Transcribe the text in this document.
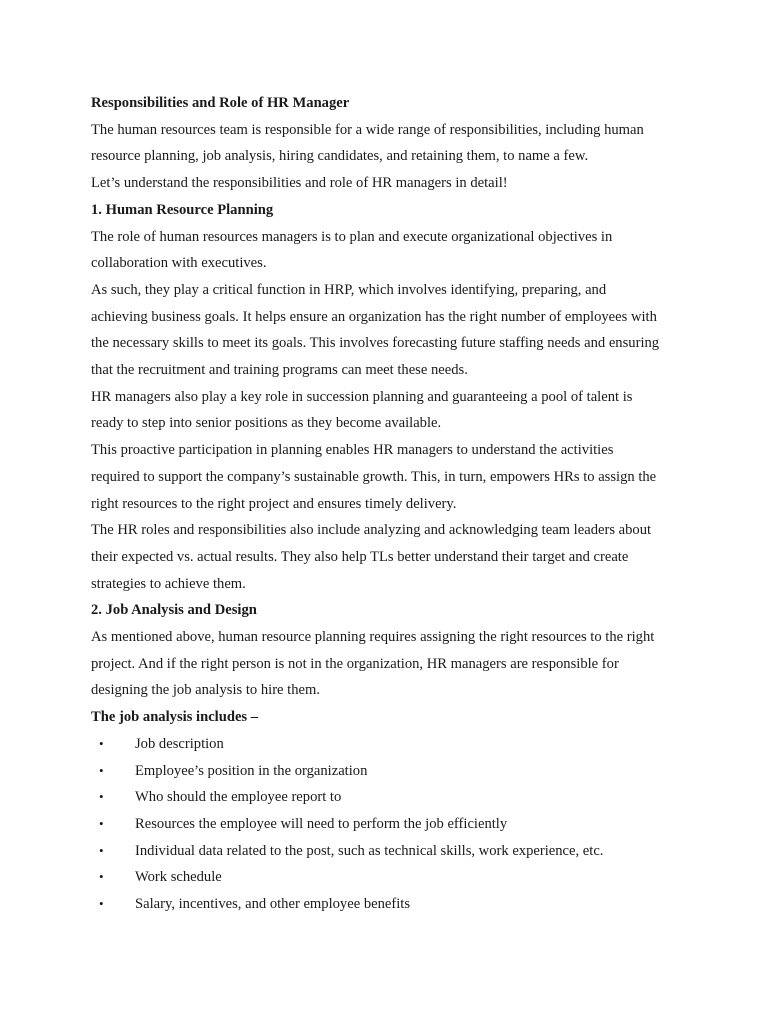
Responsibilities and Role of HR Manager

The human resources team is responsible for a wide range of responsibilities, including human

resource planning, job analysis, hiring candidates, and retaining them, to name a few.

Let’s understand the responsibilities and role of HR managers in detail!

1. Human Resource Planning

The role of human resources managers is to plan and execute organizational objectives in

collaboration with executives.

As such, they play a critical function in HRP, which involves identifying, preparing, and

achieving business goals. It helps ensure an organization has the right number of employees with

the necessary skills to meet its goals. This involves forecasting future staffing needs and ensuring

that the recruitment and training programs can meet these needs.

HR managers also play a key role in succession planning and guaranteeing a pool of talent is

ready to step into senior positions as they become available.

This proactive participation in planning enables HR managers to understand the activities

required to support the company’s sustainable growth. This, in turn, empowers HRs to assign the

right resources to the right project and ensures timely delivery.

The HR roles and responsibilities also include analyzing and acknowledging team leaders about

their expected vs. actual results. They also help TLs better understand their target and create

strategies to achieve them.

2. Job Analysis and Design

As mentioned above, human resource planning requires assigning the right resources to the right

project. And if the right person is not in the organization, HR managers are responsible for

designing the job analysis to hire them.

The job analysis includes –

• Job description
• Employee’s position in the organization
• Who should the employee report to
• Resources the employee will need to perform the job efficiently
• Individual data related to the post, such as technical skills, work experience, etc.
• Work schedule
• Salary, incentives, and other employee benefits
